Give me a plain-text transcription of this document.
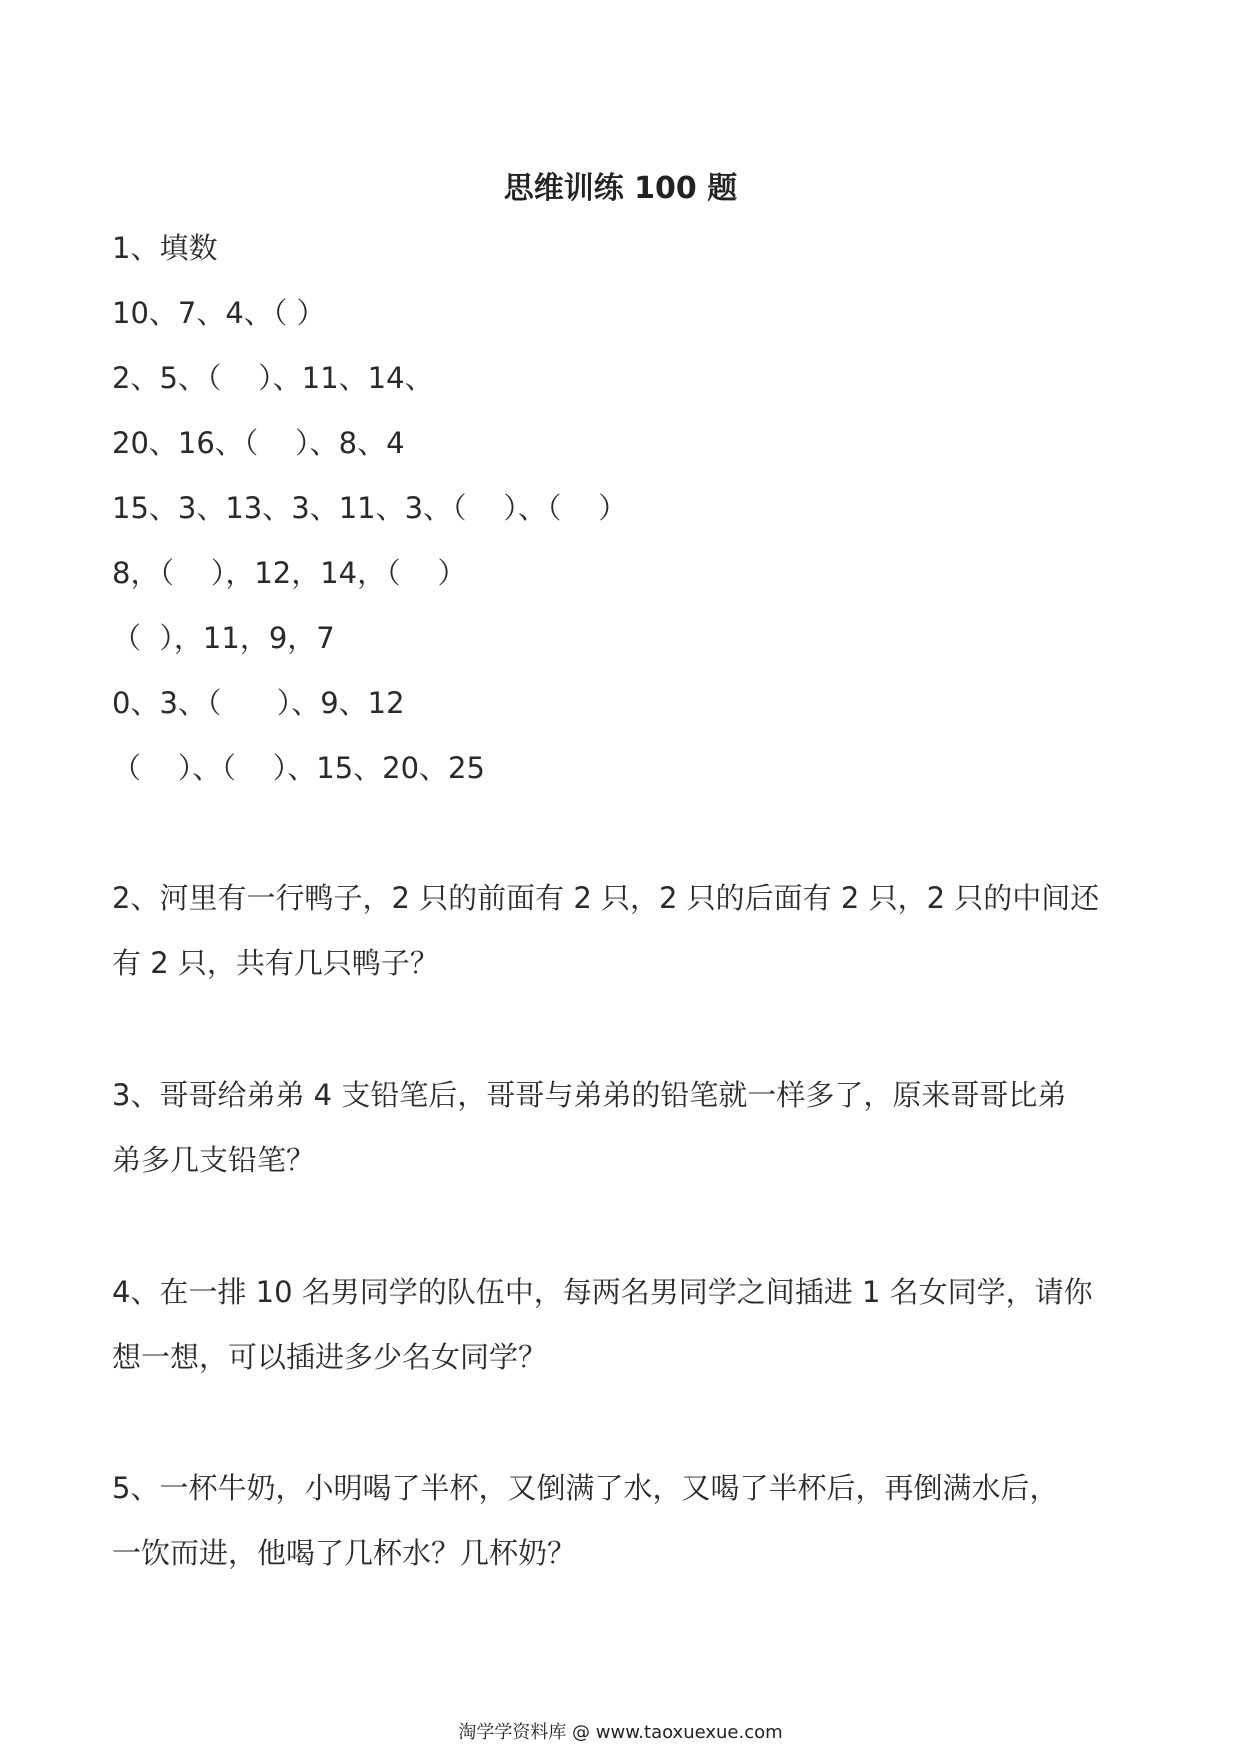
思维训练 100 题
1、填数
10、7、4、（ ）
2、5、（    ）、11、14、
20、16、（    ）、8、4
15、3、13、3、11、3、（    ）、（    ）
8，（    ），12，14，（    ）
（  ），11，9，7
0、3、（      ）、9、12
（    ）、（    ）、15、20、25
2、河里有一行鸭子，2 只的前面有 2 只，2 只的后面有 2 只，2 只的中间还
有 2 只，共有几只鸭子？
3、哥哥给弟弟 4 支铅笔后，哥哥与弟弟的铅笔就一样多了，原来哥哥比弟
弟多几支铅笔？
4、在一排 10 名男同学的队伍中，每两名男同学之间插进 1 名女同学，请你
想一想，可以插进多少名女同学？
5、一杯牛奶，小明喝了半杯，又倒满了水，又喝了半杯后，再倒满水后，
一饮而进，他喝了几杯水？几杯奶？
淘学学资料库 @ www.taoxuexue.com
